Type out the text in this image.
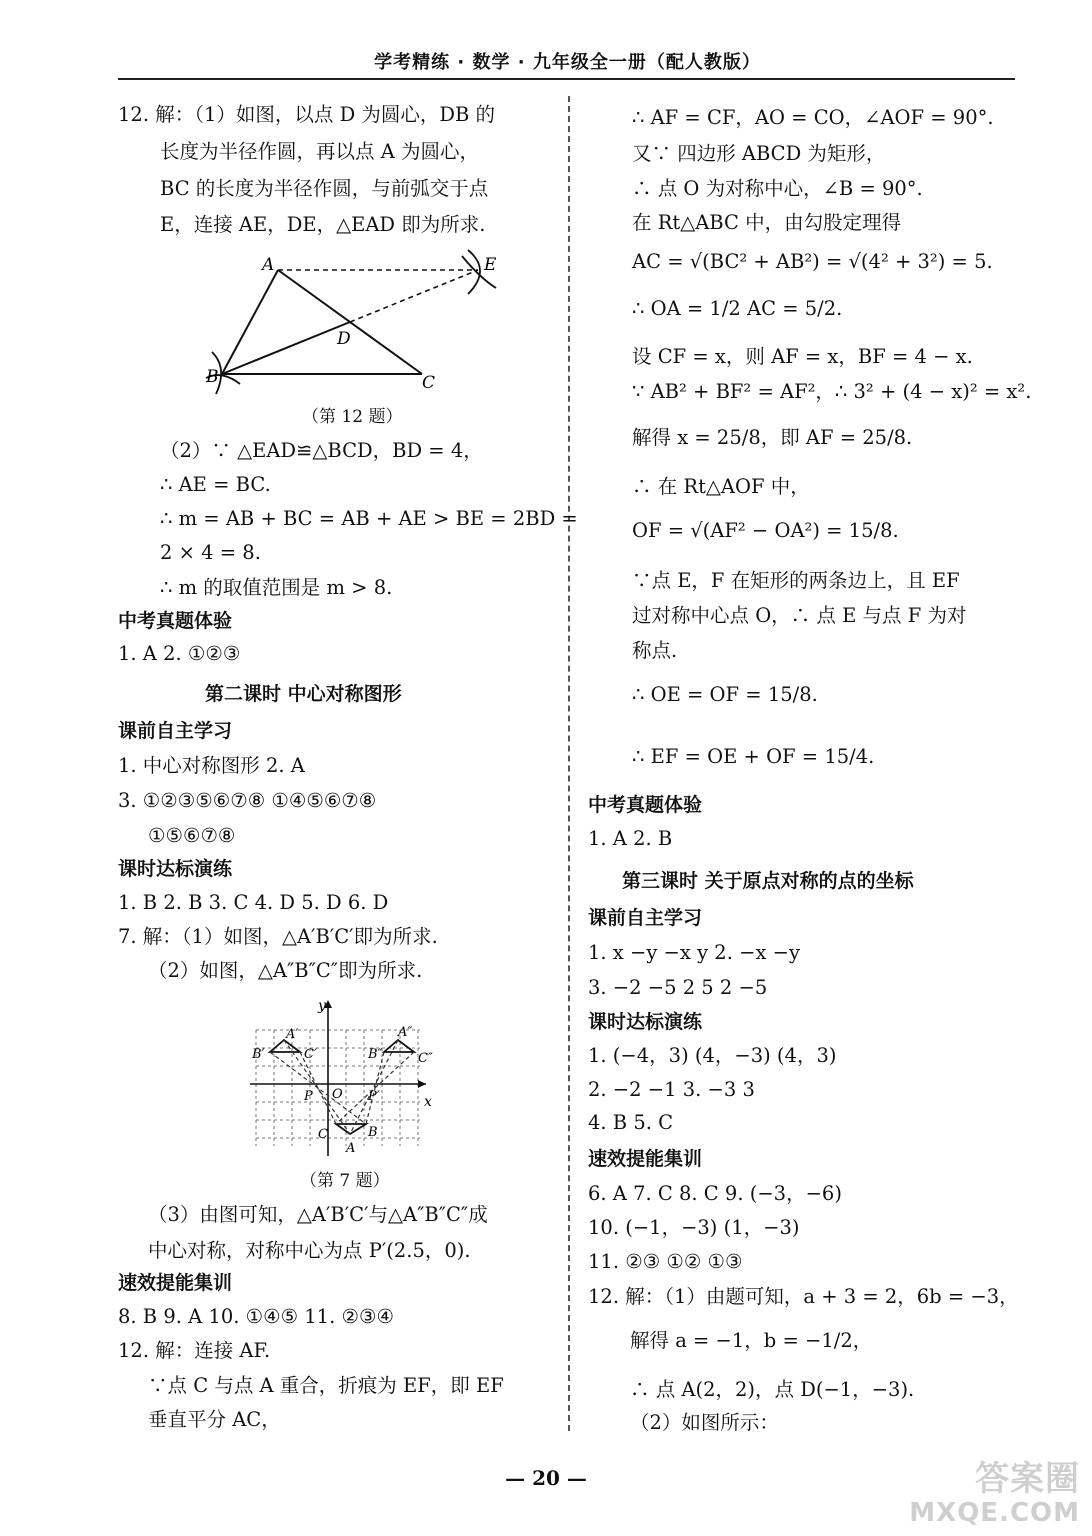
学考精练 · 数学 · 九年级全一册（配人教版）
12. 解：（1）如图，以点 D 为圆心，DB 的
长度为半径作圆，再以点 A 为圆心，
BC 的长度为半径作圆，与前弧交于点
E，连接 AE，DE，△EAD 即为所求.
A	E
D
B	C
（第 12 题）
（2）∵ △EAD≌△BCD，BD = 4，
∴ AE = BC.
∴ m = AB + BC = AB + AE > BE = 2BD =
2 × 4 = 8.
∴ m 的取值范围是 m > 8.
中考真题体验
1. A 2. ①②③
第二课时 中心对称图形
课前自主学习
1. 中心对称图形 2. A
3. ①②③⑤⑥⑦⑧ ①④⑤⑥⑦⑧
①⑤⑥⑦⑧
课时达标演练
1. B 2. B 3. C 4. D 5. D 6. D
7. 解：（1）如图，△A′B′C′即为所求.
（2）如图，△A″B″C″即为所求.
y
x
O
A′
B′	C′
A″
B″	C″
A
B
C
P	P′
（第 7 题）
（3）由图可知，△A′B′C′与△A″B″C″成
中心对称，对称中心为点 P′(2.5，0).
速效提能集训
8. B 9. A 10. ①④⑤ 11. ②③④
12. 解：连接 AF.
∵点 C 与点 A 重合，折痕为 EF，即 EF
垂直平分 AC，
∴ AF = CF，AO = CO，∠AOF = 90°.
又∵ 四边形 ABCD 为矩形，
∴ 点 O 为对称中心，∠B = 90°.
在 Rt△ABC 中，由勾股定理得
AC = √(BC² + AB²) = √(4² + 3²) = 5.
∴ OA = 1/2 AC = 5/2.
设 CF = x，则 AF = x，BF = 4 − x.
∵ AB² + BF² = AF²，∴ 3² + (4 − x)² = x².
解得 x = 25/8，即 AF = 25/8.
∴ 在 Rt△AOF 中，
OF = √(AF² − OA²) = 15/8.
∵点 E，F 在矩形的两条边上，且 EF
过对称中心点 O，∴ 点 E 与点 F 为对
称点.
∴ OE = OF = 15/8.
∴ EF = OE + OF = 15/4.
中考真题体验
1. A 2. B
第三课时 关于原点对称的点的坐标
课前自主学习
1. x −y −x y 2. −x −y
3. −2 −5 2 5 2 −5
课时达标演练
1. (−4，3) (4，−3) (4，3)
2. −2 −1 3. −3 3
4. B 5. C
速效提能集训
6. A 7. C 8. C 9. (−3，−6)
10. (−1，−3) (1，−3)
11. ②③ ①② ①③
12. 解：（1）由题可知，a + 3 = 2，6b = −3，
解得 a = −1，b = −1/2，
∴ 点 A(2，2)，点 D(−1，−3).
（2）如图所示：
— 20 —	答案圈
MXQE.COM
